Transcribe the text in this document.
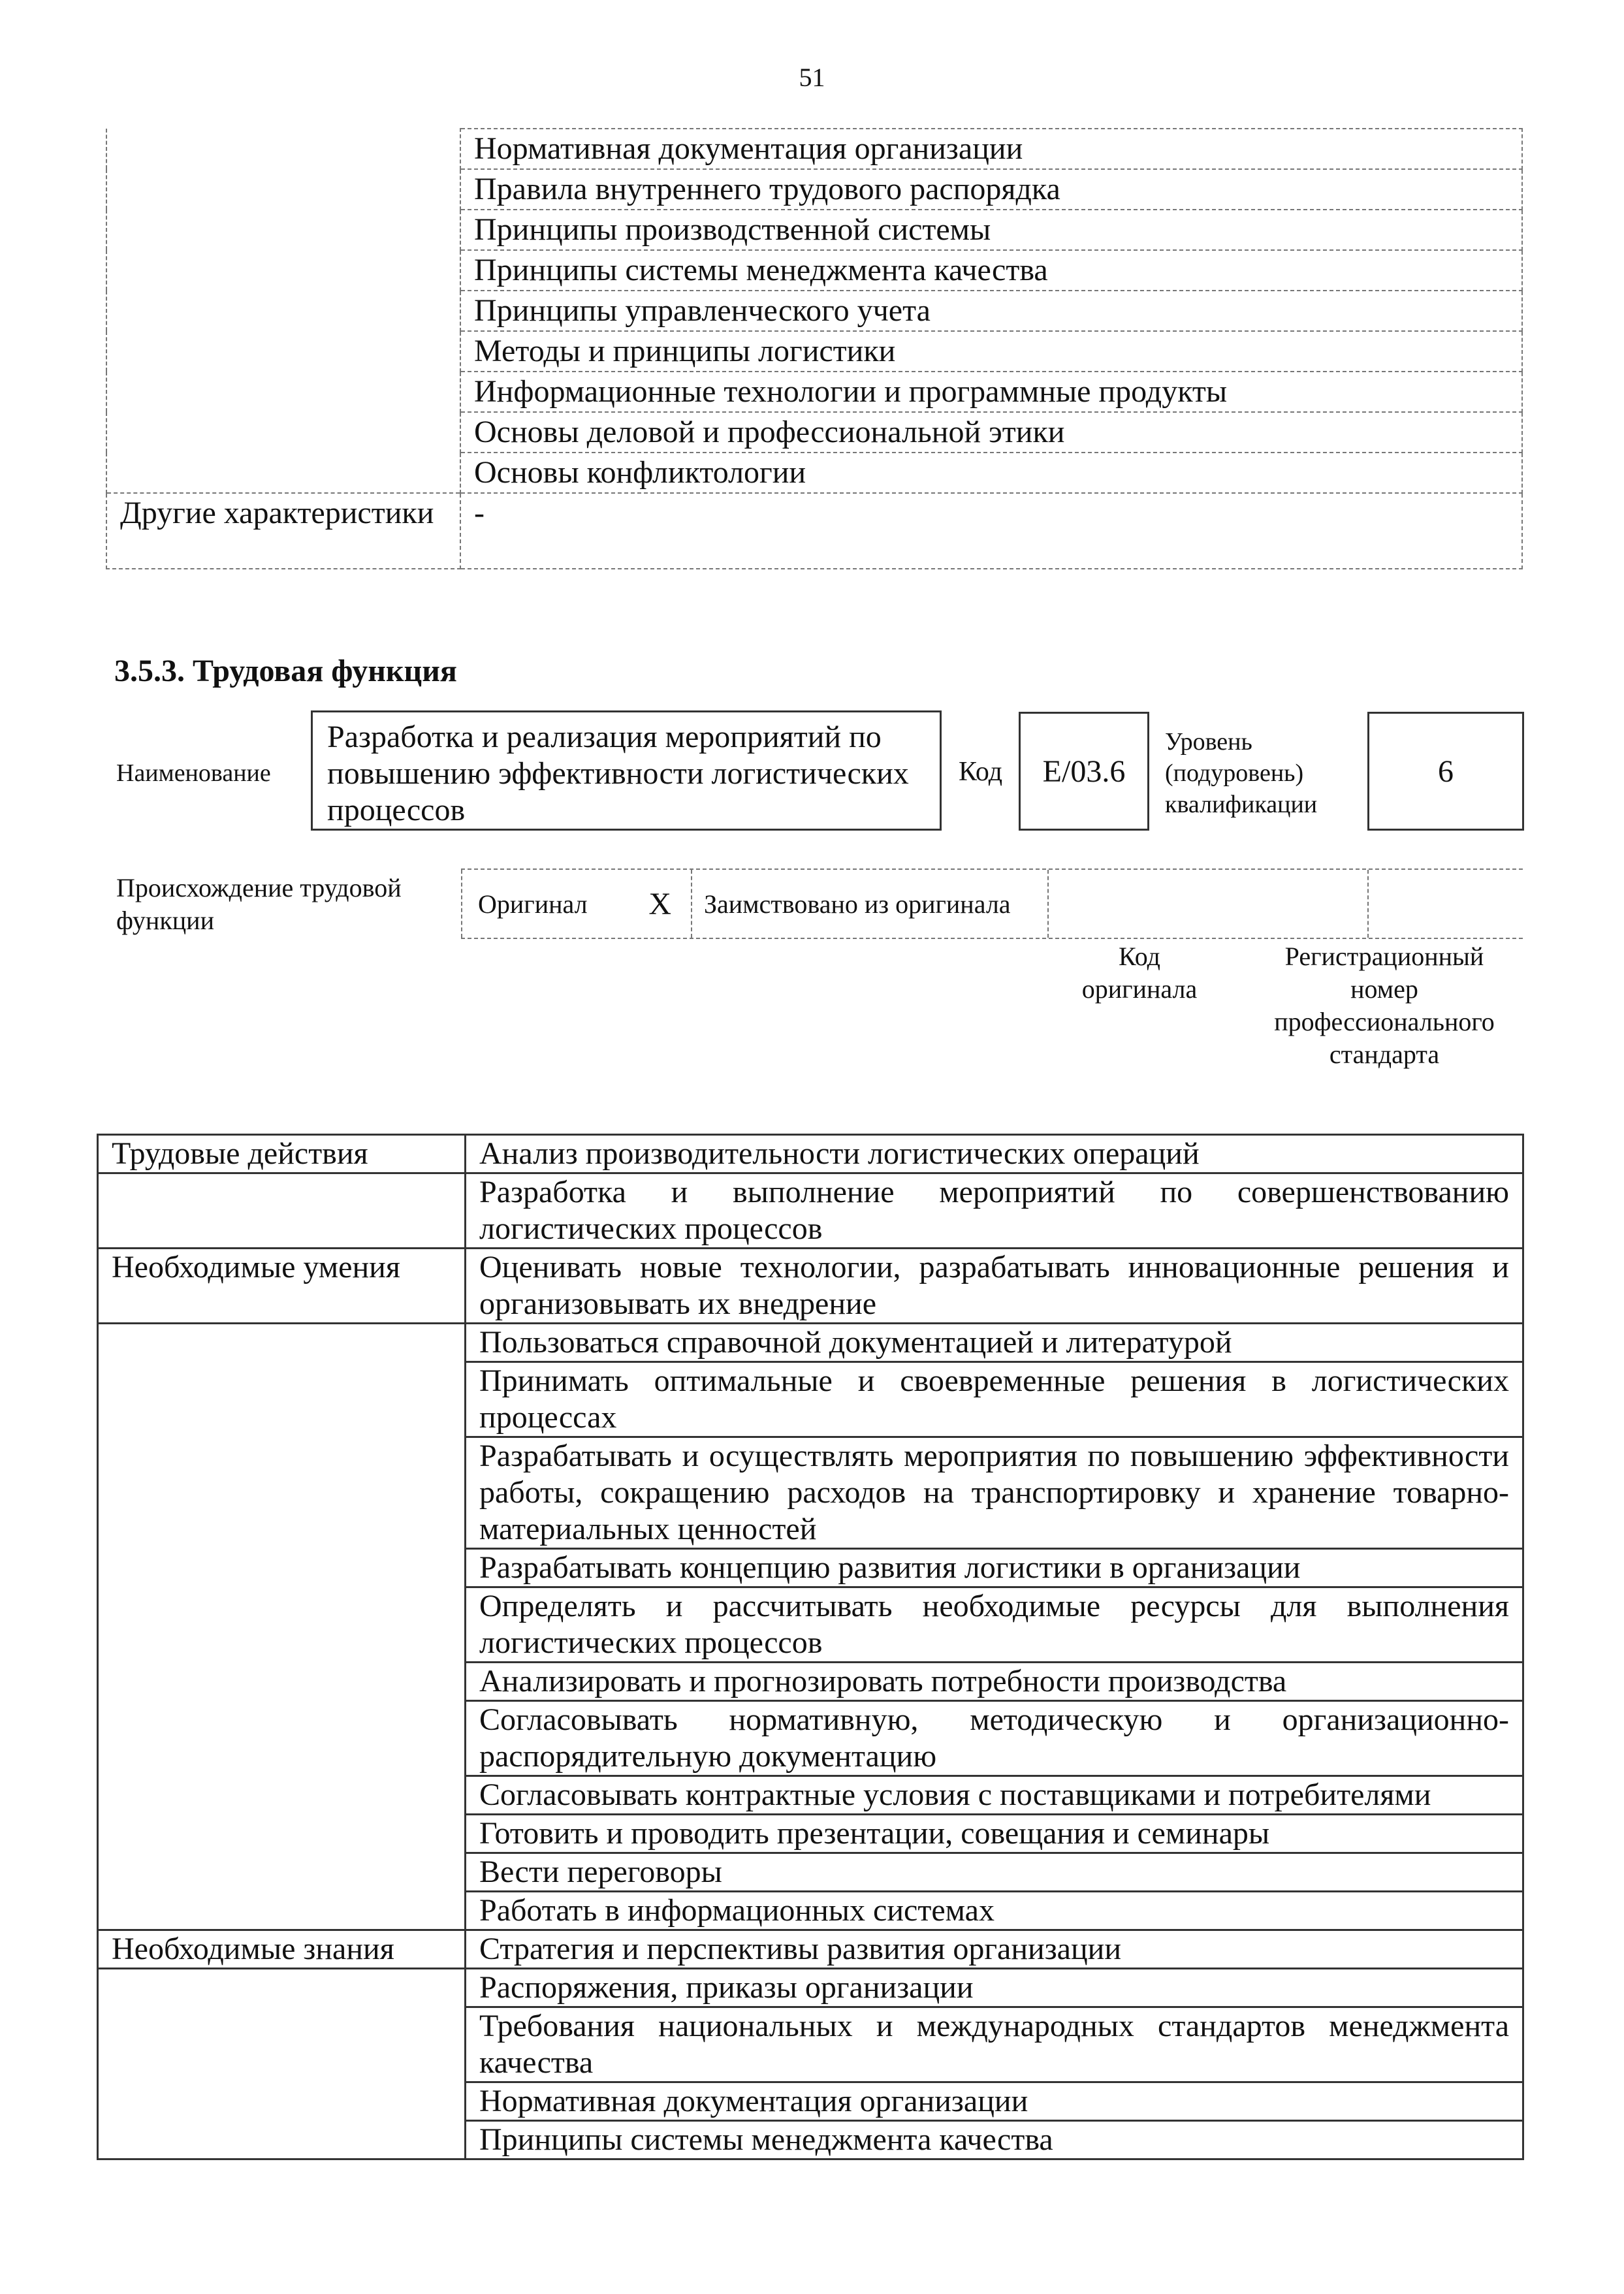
51
	Нормативная документация организации
	Правила внутреннего трудового распорядка
	Принципы производственной системы
	Принципы системы менеджмента качества
	Принципы управленческого учета
	Методы и принципы логистики
	Информационные технологии и программные продукты
	Основы деловой и профессиональной этики
	Основы конфликтологии
Другие характеристики	-
3.5.3. Трудовая функция
Наименование
Разработка и реализация мероприятий по повышению эффективности логистических процессов
Код	E/03.6
Уровень (подуровень) квалификации
6
Происхождение трудовой функции
Оригинал X	Заимствовано из оригинала
Код оригинала
Регистрационный номер профессионального стандарта
Трудовые действия	Анализ производительности логистических операций
	Разработка и выполнение мероприятий по совершенствованию логистических процессов
Необходимые умения	Оценивать новые технологии, разрабатывать инновационные решения и организовывать их внедрение
	Пользоваться справочной документацией и литературой
	Принимать оптимальные и своевременные решения в логистических процессах
	Разрабатывать и осуществлять мероприятия по повышению эффективности работы, сокращению расходов на транспортировку и хранение товарно-материальных ценностей
	Разрабатывать концепцию развития логистики в организации
	Определять и рассчитывать необходимые ресурсы для выполнения логистических процессов
	Анализировать и прогнозировать потребности производства
	Согласовывать нормативную, методическую и организационно-распорядительную документацию
	Согласовывать контрактные условия с поставщиками и потребителями
	Готовить и проводить презентации, совещания и семинары
	Вести переговоры
	Работать в информационных системах
Необходимые знания	Стратегия и перспективы развития организации
	Распоряжения, приказы организации
	Требования национальных и международных стандартов менеджмента качества
	Нормативная документация организации
	Принципы системы менеджмента качества
